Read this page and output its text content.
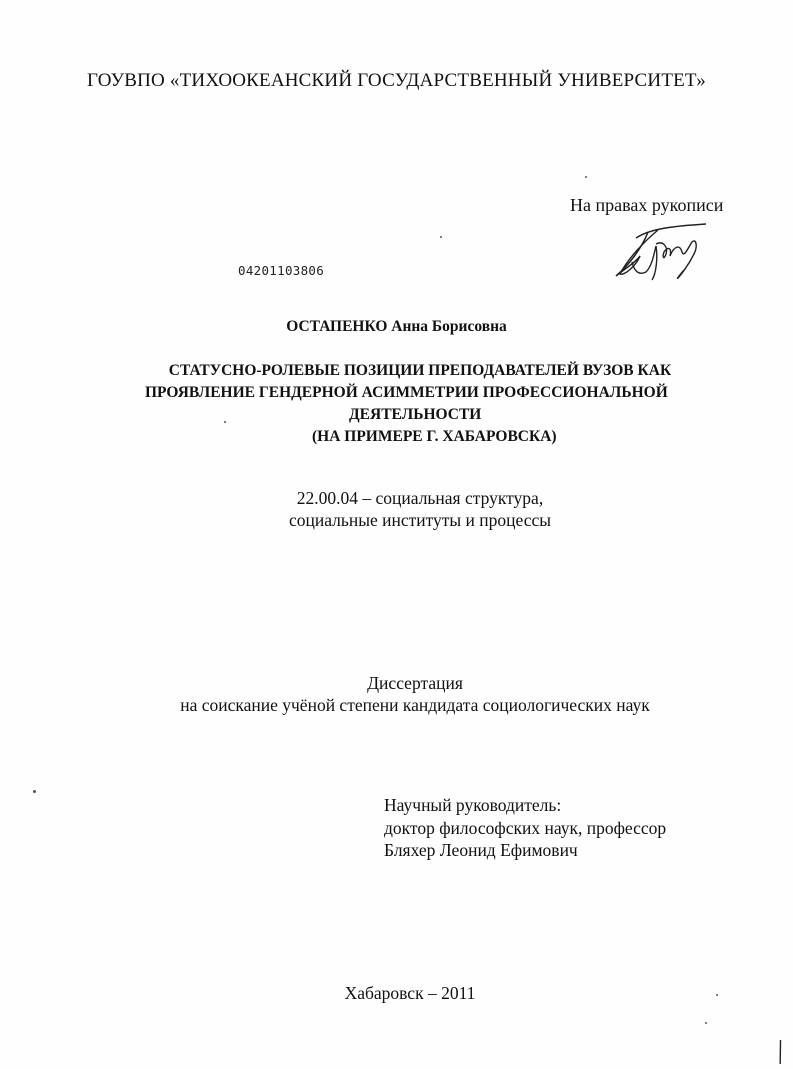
ГОУВПО «ТИХООКЕАНСКИЙ ГОСУДАРСТВЕННЫЙ УНИВЕРСИТЕТ»
На правах рукописи
04201103806
ОСТАПЕНКО Анна Борисовна
СТАТУСНО-РОЛЕВЫЕ ПОЗИЦИИ ПРЕПОДАВАТЕЛЕЙ ВУЗОВ КАК
ПРОЯВЛЕНИЕ ГЕНДЕРНОЙ АСИММЕТРИИ ПРОФЕССИОНАЛЬНОЙ
ДЕЯТЕЛЬНОСТИ
(НА ПРИМЕРЕ Г. ХАБАРОВСКА)
22.00.04 – социальная структура,
социальные институты и процессы
Диссертация
на соискание учёной степени кандидата социологических наук
Научный руководитель:
доктор философских наук, профессор
Бляхер Леонид Ефимович
Хабаровск – 2011
